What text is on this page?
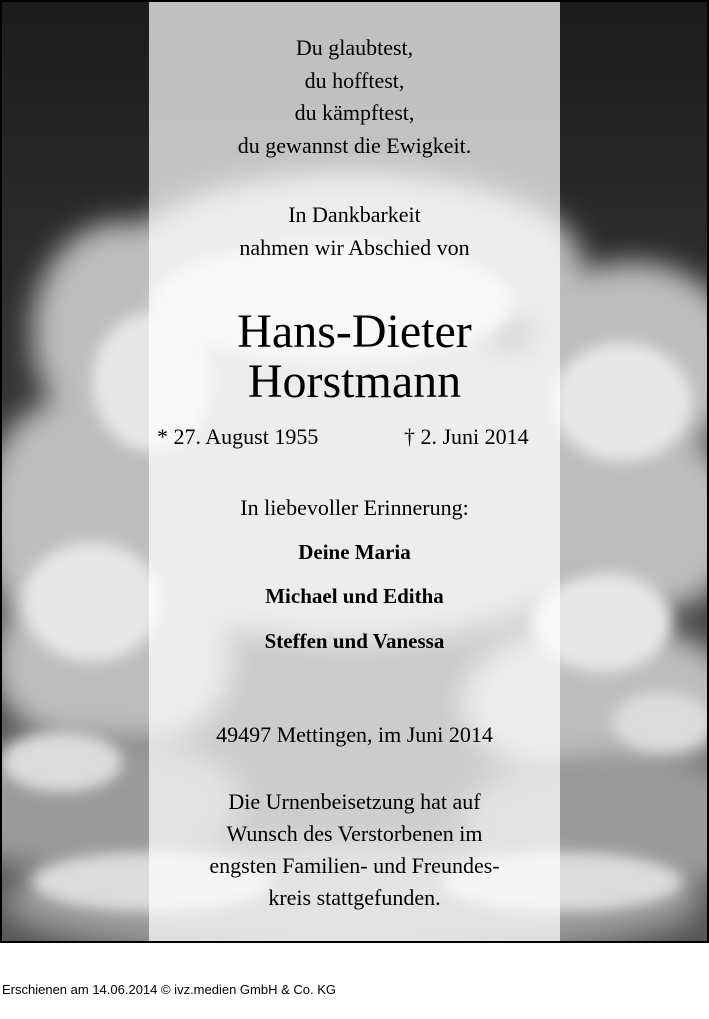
Du glaubtest,
du hofftest,
du kämpftest,
du gewannst die Ewigkeit.
In Dankbarkeit
nahmen wir Abschied von
Hans-Dieter
Horstmann
* 27. August 1955	† 2. Juni 2014
In liebevoller Erinnerung:
Deine Maria
Michael und Editha
Steffen und Vanessa
49497 Mettingen, im Juni 2014
Die Urnenbeisetzung hat auf
Wunsch des Verstorbenen im
engsten Familien- und Freundes-
kreis stattgefunden.
Erschienen am 14.06.2014 © ivz.medien GmbH & Co. KG
